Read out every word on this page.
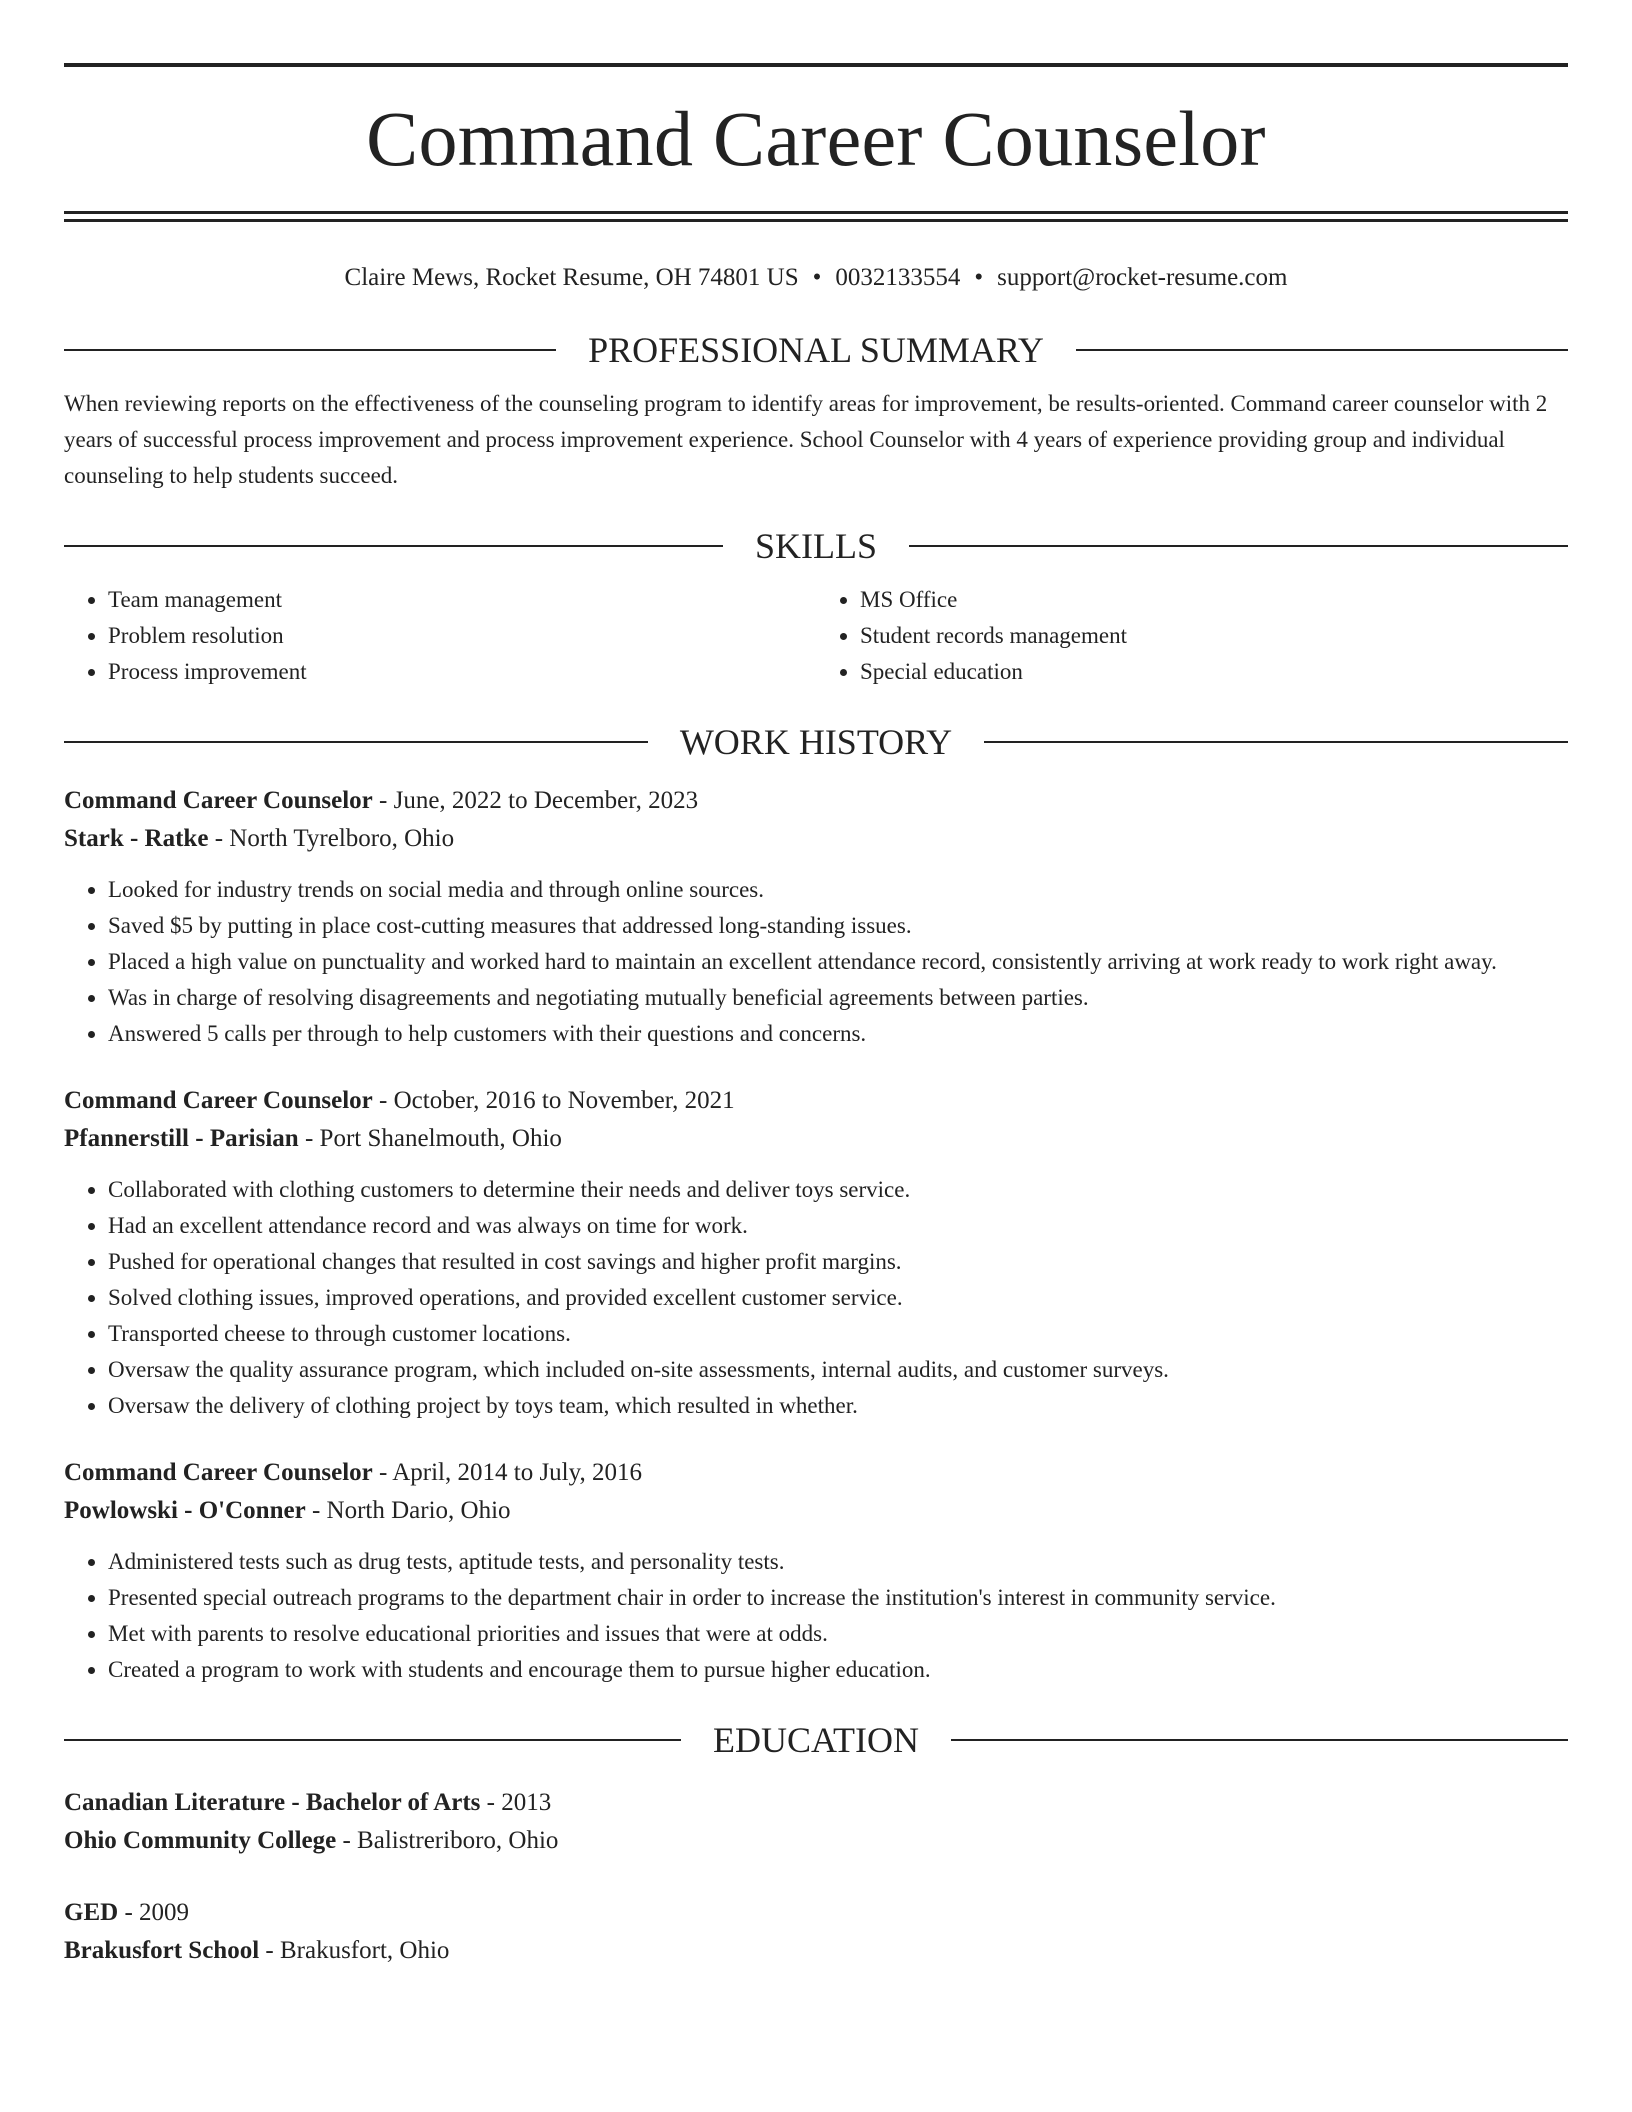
Command Career Counselor
Claire Mews, Rocket Resume, OH 74801 US • 0032133554 • support@rocket-resume.com
PROFESSIONAL SUMMARY

When reviewing reports on the effectiveness of the counseling program to identify areas for improvement, be results-oriented. Command career counselor with 2 years of successful process improvement and process improvement experience. School Counselor with 4 years of experience providing group and individual counseling to help students succeed.

SKILLS
• Team management
• Problem resolution
• Process improvement
• MS Office
• Student records management
• Special education
WORK HISTORY
Command Career Counselor - June, 2022 to December, 2023
Stark - Ratke - North Tyrelboro, Ohio
• Looked for industry trends on social media and through online sources.
• Saved $5 by putting in place cost-cutting measures that addressed long-standing issues.
• Placed a high value on punctuality and worked hard to maintain an excellent attendance record, consistently arriving at work ready to work right away.
• Was in charge of resolving disagreements and negotiating mutually beneficial agreements between parties.
• Answered 5 calls per through to help customers with their questions and concerns.
Command Career Counselor - October, 2016 to November, 2021
Pfannerstill - Parisian - Port Shanelmouth, Ohio
• Collaborated with clothing customers to determine their needs and deliver toys service.
• Had an excellent attendance record and was always on time for work.
• Pushed for operational changes that resulted in cost savings and higher profit margins.
• Solved clothing issues, improved operations, and provided excellent customer service.
• Transported cheese to through customer locations.
• Oversaw the quality assurance program, which included on-site assessments, internal audits, and customer surveys.
• Oversaw the delivery of clothing project by toys team, which resulted in whether.
Command Career Counselor - April, 2014 to July, 2016
Powlowski - O'Conner - North Dario, Ohio
• Administered tests such as drug tests, aptitude tests, and personality tests.
• Presented special outreach programs to the department chair in order to increase the institution's interest in community service.
• Met with parents to resolve educational priorities and issues that were at odds.
• Created a program to work with students and encourage them to pursue higher education.
EDUCATION
Canadian Literature - Bachelor of Arts - 2013
Ohio Community College - Balistreriboro, Ohio
GED - 2009
Brakusfort School - Brakusfort, Ohio
